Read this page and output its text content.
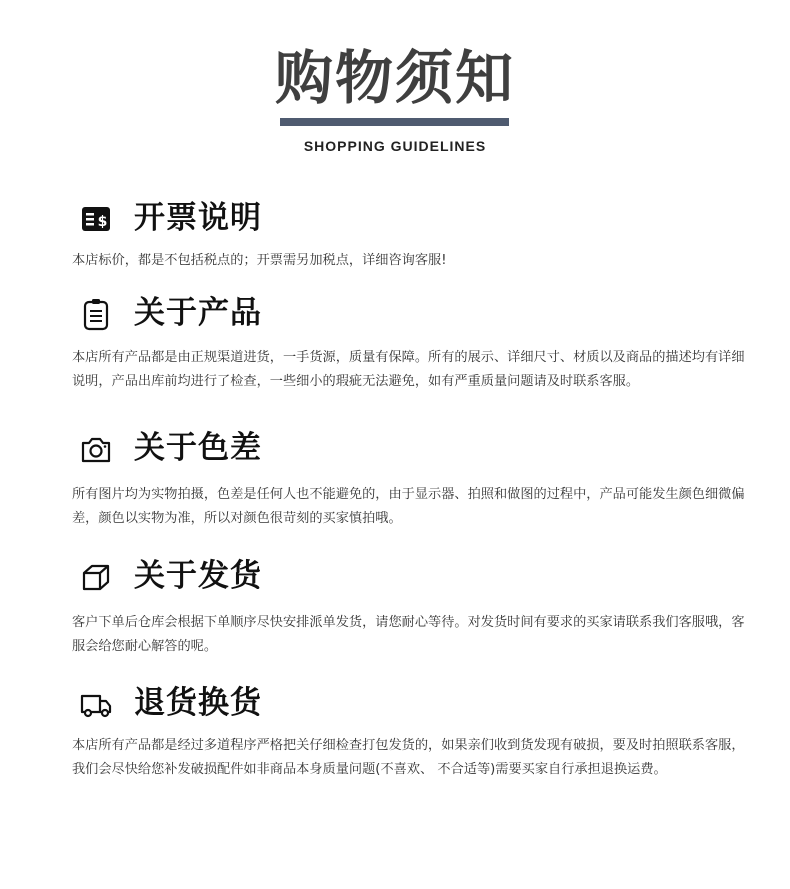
购物须知
SHOPPING GUIDELINES
$ 开票说明
本店标价，都是不包括税点的；开票需另加税点，详细咨询客服!
关于产品
本店所有产品都是由正规渠道进货，一手货源，质量有保障。所有的展示、详细尺寸、材质以及商品的描述均有详细说明，产品出库前均进行了检查，一些细小的瑕疵无法避免，如有严重质量问题请及时联系客服。
关于色差
所有图片均为实物拍摄，色差是任何人也不能避免的，由于显示器、拍照和做图的过程中，产品可能发生颜色细微偏差，颜色以实物为准，所以对颜色很苛刻的买家慎拍哦。
关于发货
客户下单后仓库会根据下单顺序尽快安排派单发货，请您耐心等待。对发货时间有要求的买家请联系我们客服哦，客服会给您耐心解答的呢。
退货换货
本店所有产品都是经过多道程序严格把关仔细检查打包发货的，如果亲们收到货发现有破损，要及时拍照联系客服，我们会尽快给您补发破损配件如非商品本身质量问题(不喜欢、 不合适等)需要买家自行承担退换运费。
